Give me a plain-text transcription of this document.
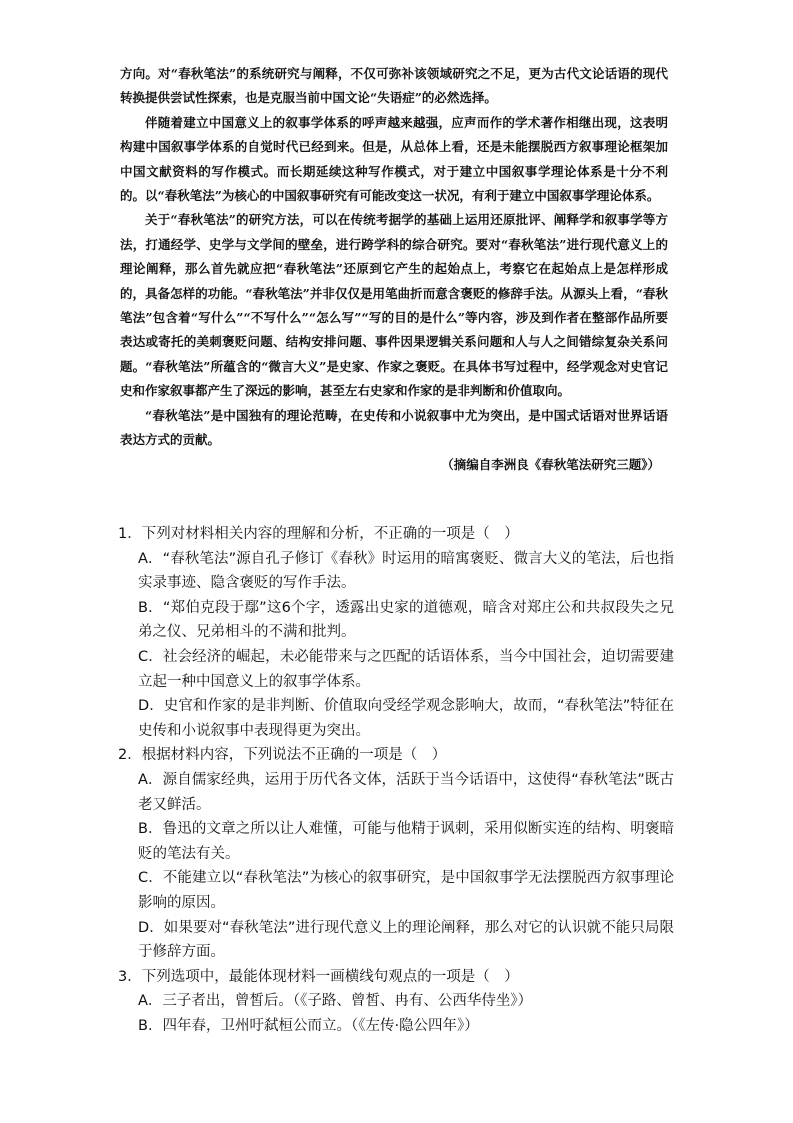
方向。对“春秋笔法”的系统研究与阐释，不仅可弥补该领域研究之不足，更为古代文论话语的现代转换提供尝试性探索，也是克服当前中国文论“失语症”的必然选择。

伴随着建立中国意义上的叙事学体系的呼声越来越强，应声而作的学术著作相继出现，这表明构建中国叙事学体系的自觉时代已经到来。但是，从总体上看，还是未能摆脱西方叙事理论框架加中国文献资料的写作模式。而长期延续这种写作模式，对于建立中国叙事学理论体系是十分不利的。以“春秋笔法”为核心的中国叙事研究有可能改变这一状况，有利于建立中国叙事学理论体系。

关于“春秋笔法”的研究方法，可以在传统考据学的基础上运用还原批评、阐释学和叙事学等方法，打通经学、史学与文学间的壁垒，进行跨学科的综合研究。要对“春秋笔法”进行现代意义上的理论阐释，那么首先就应把“春秋笔法”还原到它产生的起始点上，考察它在起始点上是怎样形成的，具备怎样的功能。“春秋笔法”并非仅仅是用笔曲折而意含褒贬的修辞手法。从源头上看，“春秋笔法”包含着“写什么”“不写什么”“怎么写”“写的目的是什么”等内容，涉及到作者在整部作品所要表达或寄托的美刺褒贬问题、结构安排问题、事件因果逻辑关系问题和人与人之间错综复杂关系问题。“春秋笔法”所蕴含的“微言大义”是史家、作家之褒贬。在具体书写过程中，经学观念对史官记史和作家叙事都产生了深远的影响，甚至左右史家和作家的是非判断和价值取向。

“春秋笔法”是中国独有的理论范畴，在史传和小说叙事中尤为突出，是中国式话语对世界话语表达方式的贡献。

（摘编自李洲良《春秋笔法研究三题》）

1．下列对材料相关内容的理解和分析，不正确的一项是（　）

A．“春秋笔法”源自孔子修订《春秋》时运用的暗寓褒贬、微言大义的笔法，后也指实录事迹、隐含褒贬的写作手法。

B．“郑伯克段于鄢”这6个字，透露出史家的道德观，暗含对郑庄公和共叔段失之兄弟之仪、兄弟相斗的不满和批判。

C．社会经济的崛起，未必能带来与之匹配的话语体系，当今中国社会，迫切需要建立起一种中国意义上的叙事学体系。

D．史官和作家的是非判断、价值取向受经学观念影响大，故而，“春秋笔法”特征在史传和小说叙事中表现得更为突出。

2．根据材料内容，下列说法不正确的一项是（　）

A．源自儒家经典，运用于历代各文体，活跃于当今话语中，这使得“春秋笔法”既古老又鲜活。

B．鲁迅的文章之所以让人难懂，可能与他精于讽刺，采用似断实连的结构、明褒暗贬的笔法有关。

C．不能建立以“春秋笔法”为核心的叙事研究，是中国叙事学无法摆脱西方叙事理论影响的原因。

D．如果要对“春秋笔法”进行现代意义上的理论阐释，那么对它的认识就不能只局限于修辞方面。

3．下列选项中，最能体现材料一画横线句观点的一项是（　）

A．三子者出，曾皙后。（《子路、曾皙、冉有、公西华侍坐》）

B．四年春，卫州吁弑桓公而立。（《左传·隐公四年》）
